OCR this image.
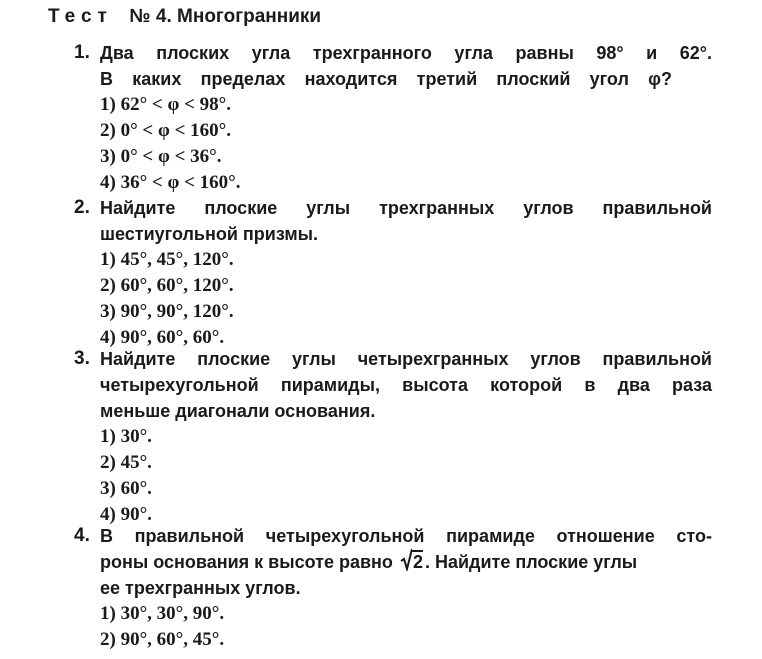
Тест № 4. Многогранники
1. Два плоских угла трехгранного угла равны 98° и 62°.
В каких пределах находится третий плоский угол φ?
1) 62° < φ < 98°.
2) 0° < φ < 160°.
3) 0° < φ < 36°.
4) 36° < φ < 160°.
2. Найдите плоские углы трехгранных углов правильной
шестиугольной призмы.
1) 45°, 45°, 120°.
2) 60°, 60°, 120°.
3) 90°, 90°, 120°.
4) 90°, 60°, 60°.
3. Найдите плоские углы четырехгранных углов правильной
четырехугольной пирамиды, высота которой в два раза
меньше диагонали основания.
1) 30°.
2) 45°.
3) 60°.
4) 90°.
4. В правильной четырехугольной пирамиде отношение сто-
роны основания к высоте равно 2 . Найдите плоские углы
ее трехгранных углов.
1) 30°, 30°, 90°.
2) 90°, 60°, 45°.
